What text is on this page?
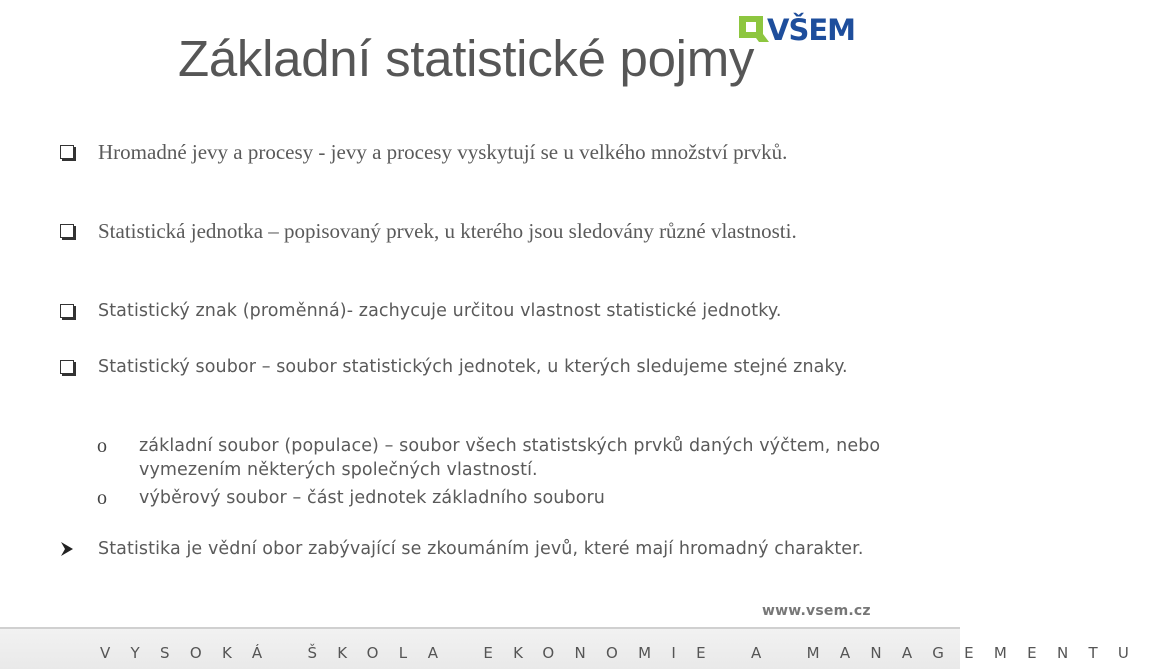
VŠEM
Základní statistické pojmy
Hromadné jevy a procesy - jevy a procesy vyskytují se u velkého množství prvků.
Statistická jednotka – popisovaný prvek, u kterého jsou sledovány různé vlastnosti.
Statistický znak (proměnná)- zachycuje určitou vlastnost statistické jednotky.
Statistický soubor – soubor statistických jednotek, u kterých sledujeme stejné znaky.
o	základní soubor (populace) – soubor všech statistských prvků daných výčtem, nebo vymezením některých společných vlastností.
o	výběrový soubor – část jednotek základního souboru
Statistika je vědní obor zabývající se zkoumáním jevů, které mají hromadný charakter.
www.vsem.cz
VYSOKÁ ŠKOLA EKONOMIE A MANAGEMENTU
